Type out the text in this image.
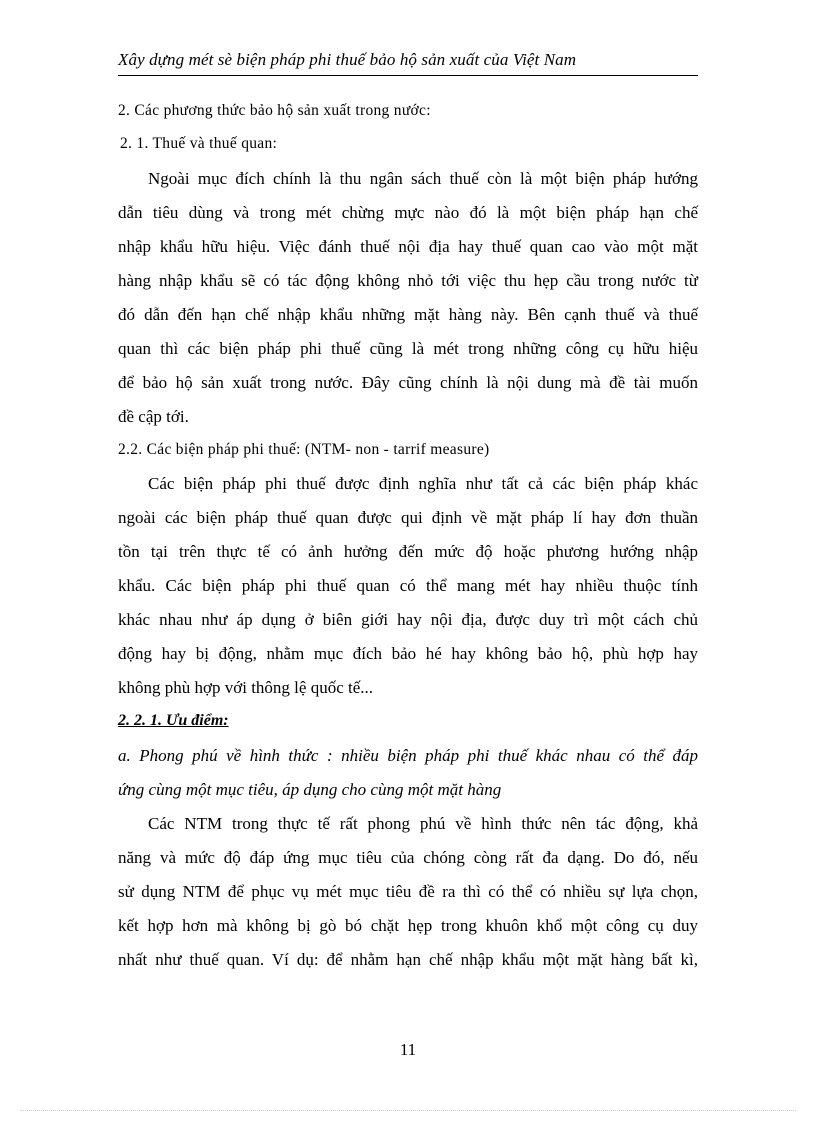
Xây dựng mét sè biện pháp phi thuế bảo hộ sản xuất của Việt Nam
2. Các phương thức bảo hộ sản xuất trong nước:
2. 1. Thuế và thuế quan:
Ngoài mục đích chính là thu ngân sách thuế còn là một biện pháp hướng
dẫn tiêu dùng và trong mét chừng mực nào đó là một biện pháp hạn chế
nhập khẩu hữu hiệu. Việc đánh thuế nội địa hay thuế quan cao vào một mặt
hàng nhập khẩu sẽ có tác động không nhỏ tới việc thu hẹp cầu trong nước từ
đó dẫn đến hạn chế nhập khẩu những mặt hàng này. Bên cạnh thuế và thuế
quan thì các biện pháp phi thuế cũng là mét trong những công cụ hữu hiệu
để bảo hộ sản xuất trong nước. Đây cũng chính là nội dung mà đề tài muốn
đề cập tới.
2.2. Các biện pháp phi thuế: (NTM- non - tarrif measure)
Các biện pháp phi thuế được định nghĩa như tất cả các biện pháp khác
ngoài các biện pháp thuế quan được qui định về mặt pháp lí hay đơn thuần
tồn tại trên thực tế có ảnh hưởng đến mức độ hoặc phương hướng nhập
khẩu. Các biện pháp phi thuế quan có thể mang mét hay nhiều thuộc tính
khác nhau như áp dụng ở biên giới hay nội địa, được duy trì một cách chủ
động hay bị động, nhằm mục đích bảo hé hay không bảo hộ, phù hợp hay
không phù hợp với thông lệ quốc tế...
2. 2. 1. Ưu điểm:
a. Phong phú về hình thức : nhiều biện pháp phi thuế khác nhau có thể đáp
ứng cùng một mục tiêu, áp dụng cho cùng một mặt hàng
Các NTM trong thực tế rất phong phú về hình thức nên tác động, khả
năng và mức độ đáp ứng mục tiêu của chóng còng rất đa dạng. Do đó, nếu
sử dụng NTM để phục vụ mét mục tiêu đề ra thì có thể có nhiều sự lựa chọn,
kết hợp hơn mà không bị gò bó chặt hẹp trong khuôn khổ một công cụ duy
nhất như thuế quan. Ví dụ: để nhằm hạn chế nhập khẩu một mặt hàng bất kì,
11
